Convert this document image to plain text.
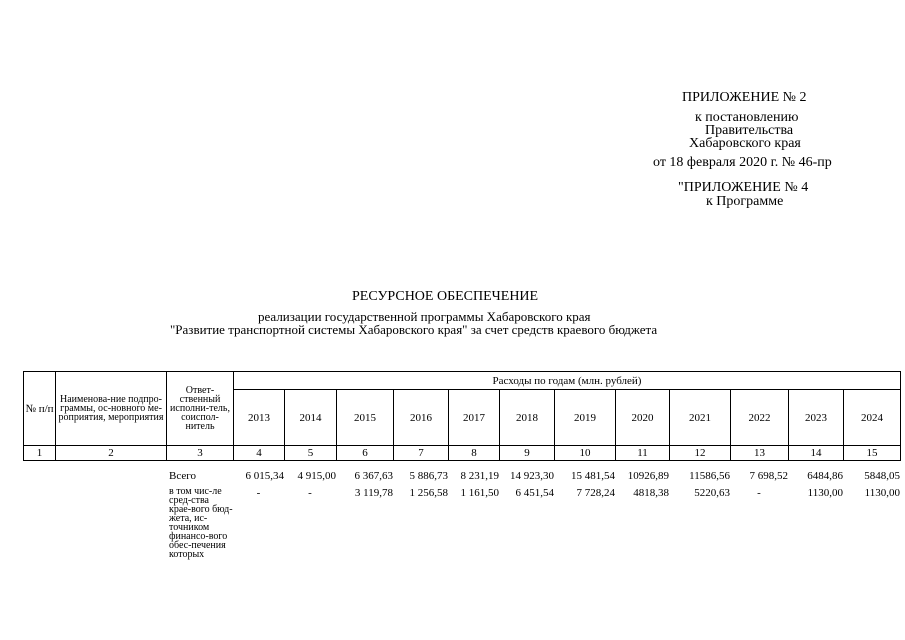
ПРИЛОЖЕНИЕ № 2
к постановлению
Правительства
Хабаровского края
от 18 февраля 2020 г. № 46-пр
"ПРИЛОЖЕНИЕ № 4
к Программе
РЕСУРСНОЕ ОБЕСПЕЧЕНИЕ
реализации государственной программы Хабаровского края
"Развитие транспортной системы Хабаровского края" за счет средств краевого бюджета
№ п/п	Наименова-ние подпро-граммы, ос-новного ме-роприятия, мероприятия	Ответ-ственный исполни-тель, соиспол-нитель	Расходы по годам (млн. рублей)											
			2013	2014	2015	2016	2017	2018	2019	2020	2021	2022	2023	2024
1	2	3	4	5	6	7	8	9	10	11	12	13	14	15
		Всего	6 015,34	4 915,00	6 367,63	5 886,73	8 231,19	14 923,30	15 481,54	10926,89	11586,56	7 698,52	6484,86	5848,05
		в том чис-ле сред-ства крае-вого бюд-жета, ис-точником финансо-вого обес-печения которых	-	-	3 119,78	1 256,58	1 161,50	6 451,54	7 728,24	4818,38	5220,63	-	1130,00	1130,00
